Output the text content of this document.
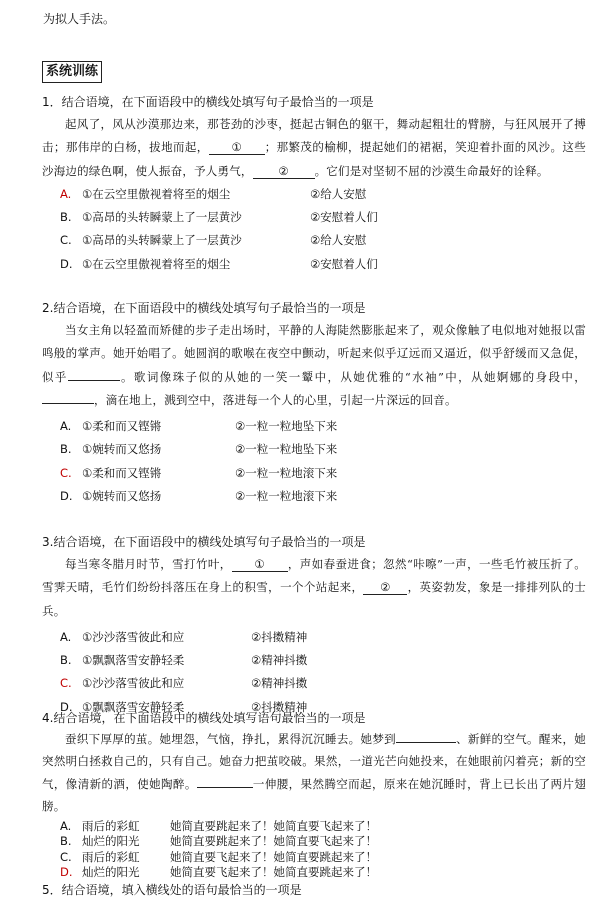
为拟人手法。
系统训练
1．结合语境，在下面语段中的横线处填写句子最恰当的一项是
起风了，风从沙漠那边来，那苍劲的沙枣，挺起古铜色的躯干，舞动起粗壮的臂膀，与狂风展开了搏击；那伟岸的白杨，拔地而起， ① ；那繁茂的榆柳，提起她们的裙裾，笑迎着扑面的风沙。这些沙海边的绿色啊，使人振奋，予人勇气， ② 。它们是对坚韧不屈的沙漠生命最好的诠释。
A. ①在云空里傲视着将至的烟尘	②给人安慰
B. ①高昂的头转瞬蒙上了一层黄沙	②安慰着人们
C. ①高昂的头转瞬蒙上了一层黄沙	②给人安慰
D. ①在云空里傲视着将至的烟尘	②安慰着人们
2.结合语境，在下面语段中的横线处填写句子最恰当的一项是
当女主角以轻盈而矫健的步子走出场时，平静的人海陡然膨胀起来了，观众像触了电似地对她报以雷鸣般的掌声。她开始唱了。她圆润的歌喉在夜空中颤动，听起来似乎辽远而又逼近，似乎舒缓而又急促，似乎	。歌词像珠子似的从她的一笑一颦中，从她优雅的“水袖”中，从她婀娜的身段中，，滴在地上，溅到空中，落进每一个人的心里，引起一片深远的回音。
A. ①柔和而又铿锵	②一粒一粒地坠下来
B. ①婉转而又悠扬	②一粒一粒地坠下来
C. ①柔和而又铿锵	②一粒一粒地滚下来
D. ①婉转而又悠扬	②一粒一粒地滚下来
3.结合语境，在下面语段中的横线处填写句子最恰当的一项是
每当寒冬腊月时节，雪打竹叶， ① ，声如春蚕进食；忽然“咔嚓”一声，一些毛竹被压折了。雪霁天晴，毛竹们纷纷抖落压在身上的积雪，一个个站起来， ② ，英姿勃发，象是一排排列队的士兵。
A. ①沙沙落雪彼此和应	②抖擞精神
B. ①飘飘落雪安静轻柔	②精神抖擞
C. ①沙沙落雪彼此和应	②精神抖擞
D. ①飘飘落雪安静轻柔	②抖擞精神
4.结合语境，在下面语段中的横线处填写语句最恰当的一项是
蚕织下厚厚的茧。她埋怨，气恼，挣扎，累得沉沉睡去。她梦到	、新鲜的空气。醒来，她突然明白拯救自己的，只有自己。她奋力把茧咬破。果然，一道光芒向她投来，在她眼前闪着亮；新的空气，像清新的酒，使她陶醉。	一伸腰，果然腾空而起，原来在她沉睡时，背上已长出了两片翅膀。
A. 雨后的彩虹	她简直要跳起来了！她简直要飞起来了！
B. 灿烂的阳光	她简直要跳起来了！她简直要飞起来了！
C. 雨后的彩虹	她简直要飞起来了！她简直要跳起来了！
D. 灿烂的阳光	她简直要飞起来了！她简直要跳起来了！
5．结合语境，填入横线处的语句最恰当的一项是
